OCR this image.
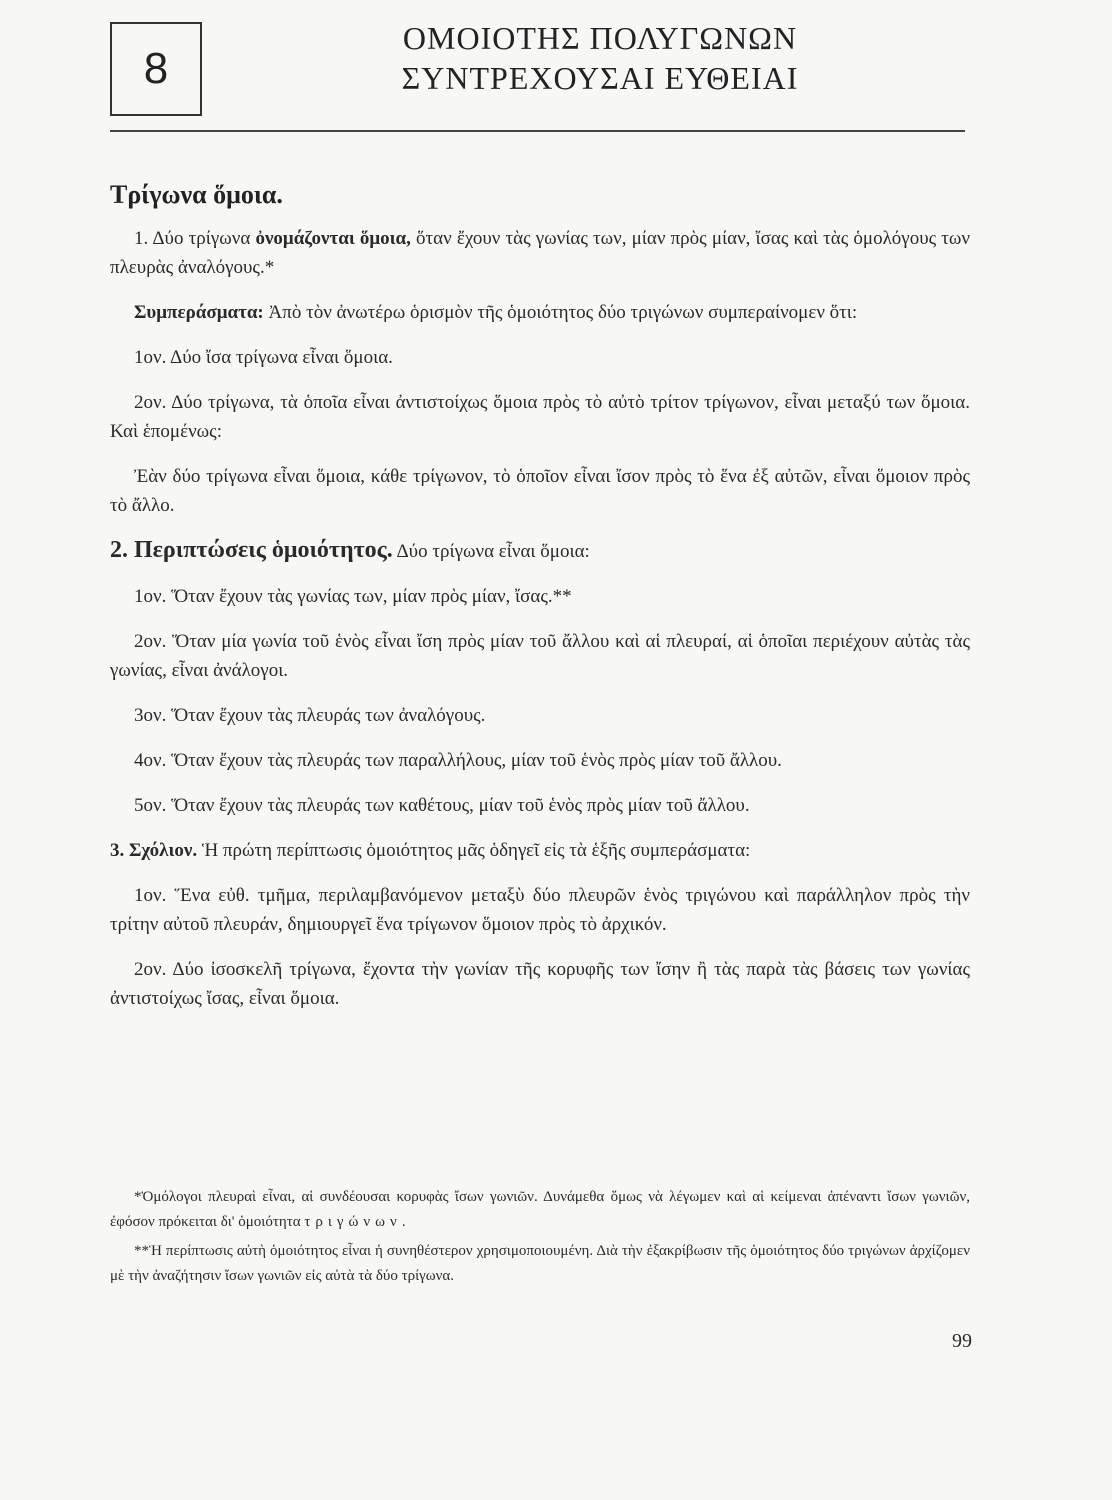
8
ΟΜΟΙΟΤΗΣ ΠΟΛΥΓΩΝΩΝ
ΣΥΝΤΡΕΧΟΥΣΑΙ ΕΥΘΕΙΑΙ
Τρίγωνα ὅμοια.

1. Δύο τρίγωνα ὀνομάζονται ὅμοια, ὅταν ἔχουν τὰς γωνίας των, μίαν πρὸς μίαν, ἴσας καὶ τὰς ὁμολόγους των πλευρὰς ἀναλόγους.*

Συμπεράσματα: Ἀπὸ τὸν ἀνωτέρω ὁρισμὸν τῆς ὁμοιότητος δύο τριγώνων συμπεραίνομεν ὅτι:

1ον. Δύο ἴσα τρίγωνα εἶναι ὅμοια.

2ον. Δύο τρίγωνα, τὰ ὁποῖα εἶναι ἀντιστοίχως ὅμοια πρὸς τὸ αὐτὸ τρίτον τρίγωνον, εἶναι μεταξύ των ὅμοια. Καὶ ἑπομένως:

Ἐὰν δύο τρίγωνα εἶναι ὅμοια, κάθε τρίγωνον, τὸ ὁποῖον εἶναι ἴσον πρὸς τὸ ἕνα ἐξ αὐτῶν, εἶναι ὅμοιον πρὸς τὸ ἄλλο.

2. Περιπτώσεις ὁμοιότητος. Δύο τρίγωνα εἶναι ὅμοια:

1ον. Ὅταν ἔχουν τὰς γωνίας των, μίαν πρὸς μίαν, ἴσας.**

2ον. Ὅταν μία γωνία τοῦ ἑνὸς εἶναι ἴση πρὸς μίαν τοῦ ἄλλου καὶ αἱ πλευραί, αἱ ὁποῖαι περιέχουν αὐτὰς τὰς γωνίας, εἶναι ἀνάλογοι.

3ον. Ὅταν ἔχουν τὰς πλευράς των ἀναλόγους.

4ον. Ὅταν ἔχουν τὰς πλευράς των παραλλήλους, μίαν τοῦ ἑνὸς πρὸς μίαν τοῦ ἄλλου.

5ον. Ὅταν ἔχουν τὰς πλευράς των καθέτους, μίαν τοῦ ἑνὸς πρὸς μίαν τοῦ ἄλλου.

3. Σχόλιον. Ἡ πρώτη περίπτωσις ὁμοιότητος μᾶς ὁδηγεῖ εἰς τὰ ἑξῆς συμπεράσματα:

1ον. Ἕνα εὐθ. τμῆμα, περιλαμβανόμενον μεταξὺ δύο πλευρῶν ἑνὸς τριγώνου καὶ παράλληλον πρὸς τὴν τρίτην αὐτοῦ πλευράν, δημιουργεῖ ἕνα τρίγωνον ὅμοιον πρὸς τὸ ἀρχικόν.

2ον. Δύο ἰσοσκελῆ τρίγωνα, ἔχοντα τὴν γωνίαν τῆς κορυφῆς των ἴσην ἢ τὰς παρὰ τὰς βάσεις των γωνίας ἀντιστοίχως ἴσας, εἶναι ὅμοια.

*Ὁμόλογοι πλευραὶ εἶναι, αἱ συνδέουσαι κορυφὰς ἴσων γωνιῶν. Δυνάμεθα ὅμως νὰ λέγωμεν καὶ αἱ κείμεναι ἀπέναντι ἴσων γωνιῶν, ἐφόσον πρόκειται δι' ὁμοιότητα τριγώνων.

**Ἡ περίπτωσις αὐτὴ ὁμοιότητος εἶναι ἡ συνηθέστερον χρησιμοποιουμένη. Διὰ τὴν ἐξακρίβωσιν τῆς ὁμοιότητος δύο τριγώνων ἀρχίζομεν μὲ τὴν ἀναζήτησιν ἴσων γωνιῶν εἰς αὐτὰ τὰ δύο τρίγωνα.

99
